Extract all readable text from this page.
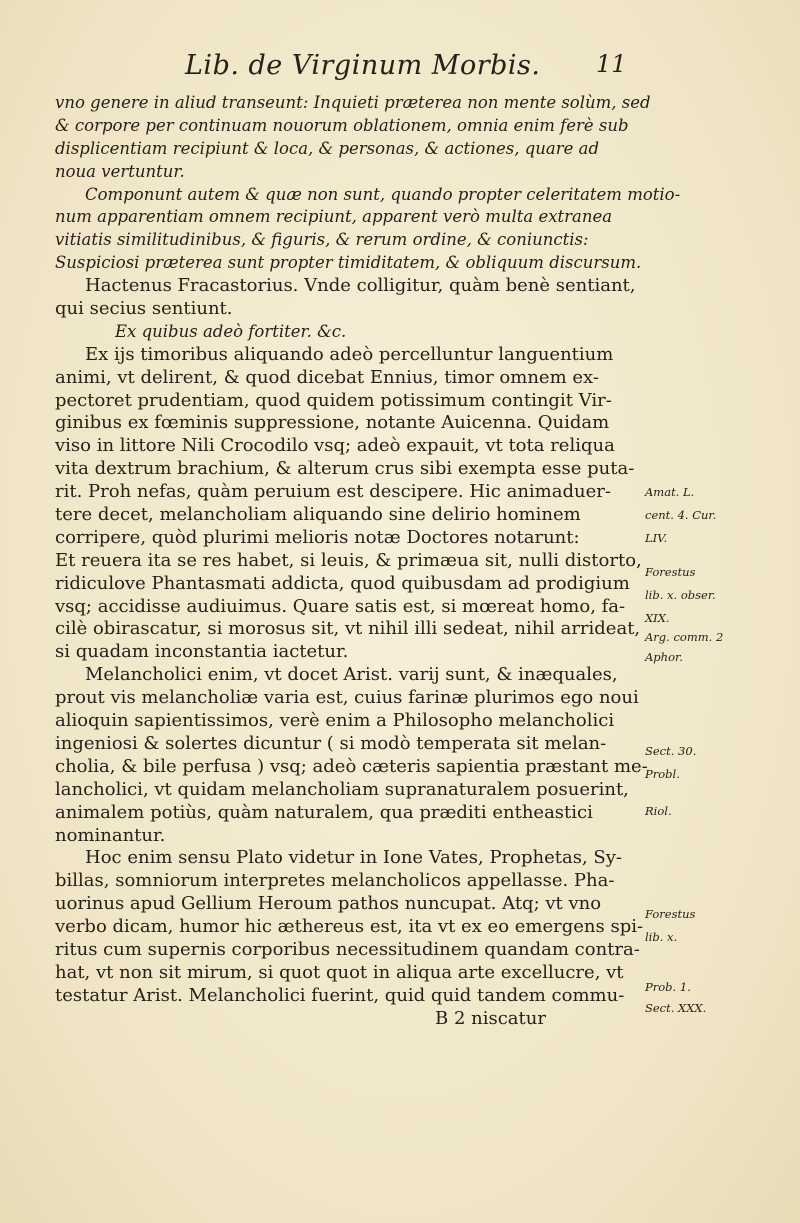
Lib. de Virginum Morbis. 11
vno genere in aliud transeunt: Inquieti præterea non mente solùm, sed
& corpore per continuam nouorum oblationem, omnia enim ferè sub
displicentiam recipiunt & loca, & personas, & actiones, quare ad
noua vertuntur.
Componunt autem & quæ non sunt, quando propter celeritatem motio-
num apparentiam omnem recipiunt, apparent verò multa extranea
vitiatis similitudinibus, & figuris, & rerum ordine, & coniunctis:
Suspiciosi præterea sunt propter timiditatem, & obliquum discursum.
Hactenus Fracastorius. Vnde colligitur, quàm benè sentiant,
qui secius sentiunt.
Ex quibus adeò fortiter. &c.
Ex ijs timoribus aliquando adeò percelluntur languentium
animi, vt delirent, & quod dicebat Ennius, timor omnem ex-
pectoret prudentiam, quod quidem potissimum contingit Vir-
ginibus ex fœminis suppressione, notante Auicenna. Quidam
viso in littore Nili Crocodilo vsq; adeò expauit, vt tota reliqua
vita dextrum brachium, & alterum crus sibi exempta esse puta-
rit. Proh nefas, quàm peruium est descipere. Hic animaduer-
tere decet, melancholiam aliquando sine delirio hominem
corripere, quòd plurimi melioris notæ Doctores notarunt:
Et reuera ita se res habet, si leuis, & primæua sit, nulli distorto,
ridiculove Phantasmati addicta, quod quibusdam ad prodigium
vsq; accidisse audiuimus. Quare satis est, si mœreat homo, fa-
cilè obirascatur, si morosus sit, vt nihil illi sedeat, nihil arrideat,
si quadam inconstantia iactetur.
Melancholici enim, vt docet Arist. varij sunt, & inæquales,
prout vis melancholiæ varia est, cuius farinæ plurimos ego noui
alioquin sapientissimos, verè enim a Philosopho melancholici
ingeniosi & solertes dicuntur ( si modò temperata sit melan-
cholia, & bile perfusa ) vsq; adeò cæteris sapientia præstant me-
lancholici, vt quidam melancholiam supranaturalem posuerint,
animalem potiùs, quàm naturalem, qua præditi entheastici
nominantur.
Hoc enim sensu Plato videtur in Ione Vates, Prophetas, Sy-
billas, somniorum interpretes melancholicos appellasse. Pha-
uorinus apud Gellium Heroum pathos nuncupat. Atq; vt vno
verbo dicam, humor hic æthereus est, ita vt ex eo emergens spi-
ritus cum supernis corporibus necessitudinem quandam contra-
hat, vt non sit mirum, si quot quot in aliqua arte excellucre, vt
testatur Arist. Melancholici fuerint, quid quid tandem commu-
B 2 niscatur
Amat. L.
cent. 4. Cur.
LIV.
Forestus
lib. x. obser.
XIX.
Arg. comm. 2
Aphor.
Sect. 30.
Probl.
Riol.
Forestus
lib. x.
Prob. 1.
Sect. XXX.
